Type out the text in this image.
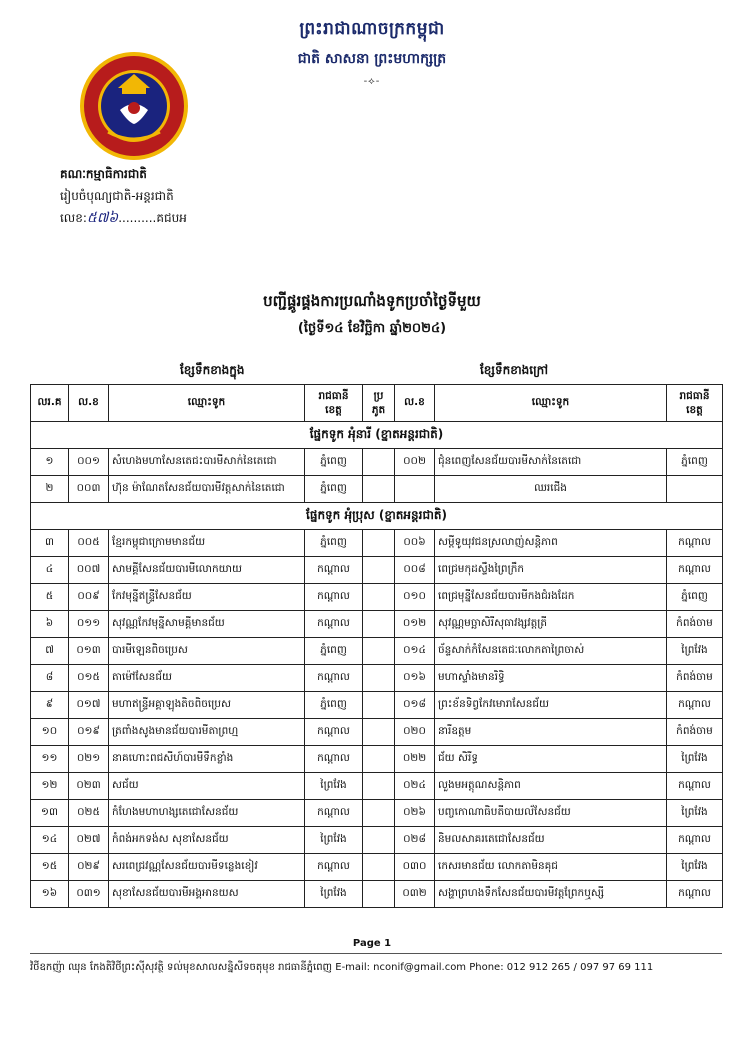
ព្រះរាជាណាចក្រកម្ពុជា
ជាតិ សាសនា ព្រះមហាក្សត្រ
-⟡-
គណៈកម្មាធិការជាតិ
រៀបចំបុណ្យជាតិ-អន្តរជាតិ
លេខ:៥៧៦..........គជបអ
បញ្ជីផ្គូរផ្គងការប្រណាំងទូកប្រចាំថ្ងៃទីមួយ
(ថ្ងៃទី១៤ ខែវិច្ឆិកា ឆ្នាំ២០២៤)
ខ្សែទឹកខាងក្នុង	ខ្សែទឹកខាងក្រៅ
លរ.គ	ល.ខ	ឈ្មោះទូក	រាជធានី
ខេត្ត	ប្រ
ភូត	ល.ខ	ឈ្មោះទូក	រាជធានី
ខេត្ត

ផ្នែកទូក អុំនារី (ខ្នាតអន្តរជាតិ)							
១	០០១	សំហេងមហាសែនតេជះបារមីសាក់នៃតេជោ	ភ្នំពេញ		០០២	ជុំនពេញសែនជ័យបារមីសាក់នៃតេជោ	ភ្នំពេញ
២	០០៣	ហ៊ុន ម៉ាណែតសែនជ័យបារមីវត្តសាក់នៃតេជោ	ភ្នំពេញ			ឈរជើង	
ផ្នែកទូក អុំប្រុស (ខ្នាតអន្តរជាតិ)							
៣	០០៥	ខ្មែរកម្ពុជាក្រោមមានជ័យ	ភ្នំពេញ		០០៦	សម្តីទូយុវជនស្រលាញ់សន្តិភាព	កណ្ដាល
៤	០០៧	សាមគ្គីសែនជ័យបារមីលោកយាយ	កណ្ដាល		០០៨	ពេជ្រមកុដស្ទឹងព្រៃក្រឹក	កណ្ដាល
៥	០០៩	កែវមុន្នីឥន្ទ្រីសែនជ័យ	កណ្ដាល		០១០	ពេជ្រមុន្នីសែនជ័យបារមីកងជំរងដែក	ភ្នំពេញ
៦	០១១	សុវណ្ណកែវមុន្នីសាមគ្គីមានជ័យ	កណ្ដាល		០១២	សុវណ្ណមច្ឆាសិរីសុធាវង្សវត្តត្រី	កំពង់ចាម
៧	០១៣	បារមីឡេនពិចប្រេស	ភ្នំពេញ		០១៤	ច័ន្ទសាក់កំសែនតេជៈលោកតាព្រៃចាស់	ព្រៃវែង
៨	០១៥	តាម៉ៅសែនជ័យ	កណ្ដាល		០១៦	មហាស្ទាំងមានរិទ្ធិ	កំពង់ចាម
៩	០១៧	មហាឥន្ទ្រីអគ្គាឡុងតិចពិចប្រេស	ភ្នំពេញ		០១៨	ព្រះខ័នទិព្វកែវមោរាសែនជ័យ	កណ្ដាល
១០	០១៩	ត្រពាំងសូងមានជ័យបារមីតាព្រហ្ម	កណ្ដាល		០២០	នារីឧត្តម	កំពង់ចាម
១១	០២១	នាគហោះពជសីហ៍បារមីទឹកខ្លាំង	កណ្ដាល		០២២	ជ័យ សិរីទ្ធ	ព្រៃវែង
១២	០២៣	សជ័យ	ព្រៃវែង		០២៤	លួងមអត្តុណសន្តិភាព	កណ្ដាល
១៣	០២៥	កំហែងមហាហង្សតេជោសែនជ័យ	កណ្ដាល		០២៦	បញ្ចកោណាធិបតីបាយល័សែនជ័យ	ព្រៃវែង
១៤	០២៧	កំពង់អកទង់ស សុខាសែនជ័យ	ព្រៃវែង		០២៨	និមលសាគរតេជោសែនជ័យ	កណ្ដាល
១៥	០២៩	សរពេជ្រវណ្ណសែនជ័យបារមីទន្លេងខៀវ	កណ្ដាល		០៣០	កេសរមានជ័យ លោកតាមិនគុជ	ព្រៃវែង
១៦	០៣១	សុខាសែនជ័យបារមីអង្គអានយស	ព្រៃវែង		០៣២	សង្ហាព្រហងទឹកសែនជ័យបារមីវត្តព្រែកឬស្សី	កណ្ដាល
Page 1
វិថីឧកញ៉ា ឈុន កែងតិវិថីព្រះស៊ីសុវត្ថិ ទល់មុខសាលសន្និសីទចតុមុខ រាជធានីភ្នំពេញ E-mail: nconif@gmail.com Phone: 012 912 265 / 097 97 69 111
